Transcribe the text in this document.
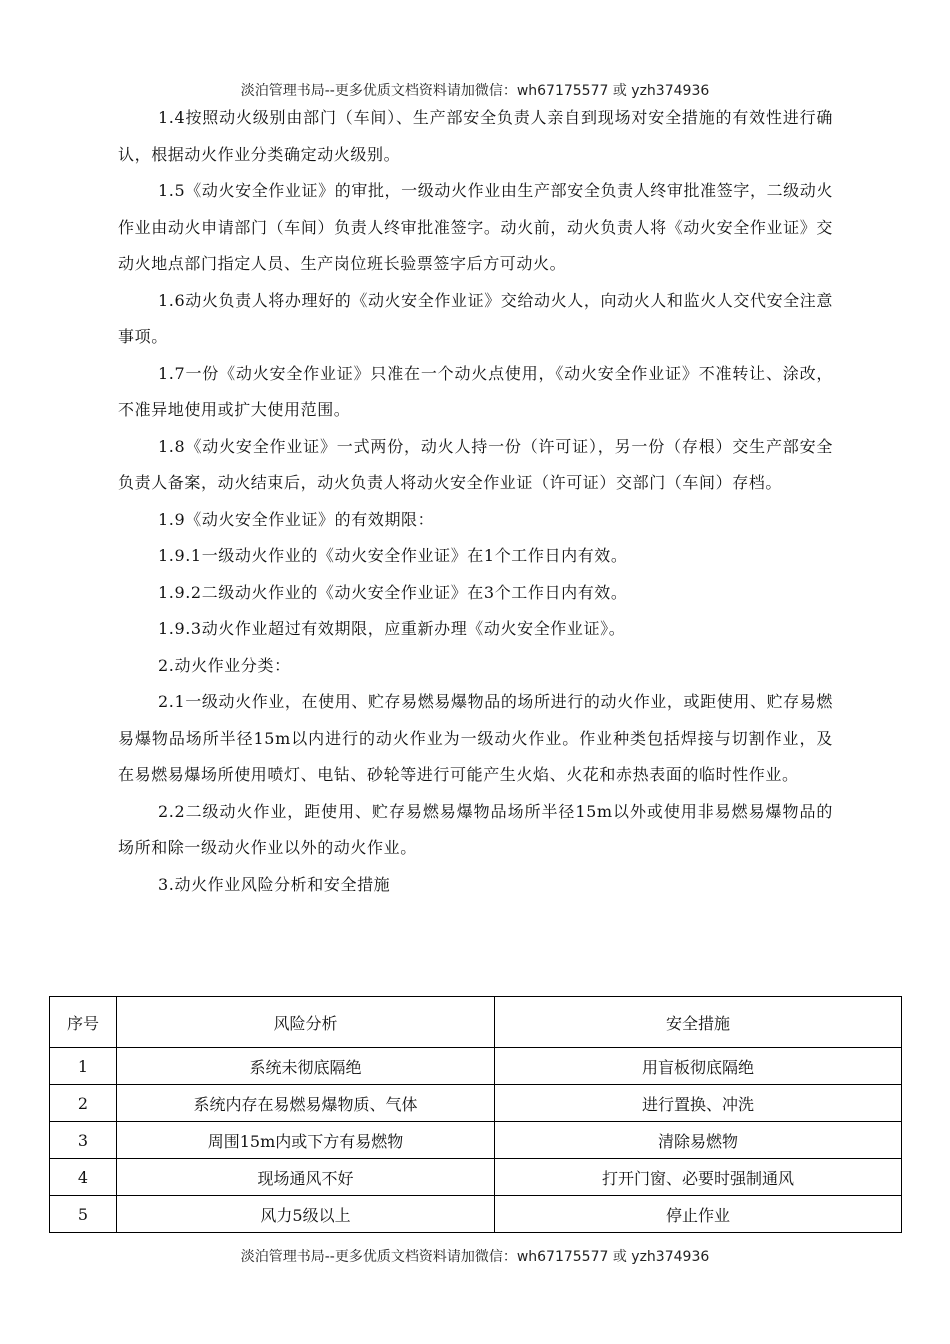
淡泊管理书局--更多优质文档资料请加微信：wh67175577 或 yzh374936

1.4按照动火级别由部门（车间）、生产部安全负责人亲自到现场对安全措施的有效性进行确认，根据动火作业分类确定动火级别。

1.5《动火安全作业证》的审批，一级动火作业由生产部安全负责人终审批准签字，二级动火作业由动火申请部门（车间）负责人终审批准签字。动火前，动火负责人将《动火安全作业证》交动火地点部门指定人员、生产岗位班长验票签字后方可动火。

1.6动火负责人将办理好的《动火安全作业证》交给动火人，向动火人和监火人交代安全注意事项。

1.7一份《动火安全作业证》只准在一个动火点使用，《动火安全作业证》不准转让、涂改，不准异地使用或扩大使用范围。

1.8《动火安全作业证》一式两份，动火人持一份（许可证），另一份（存根）交生产部安全负责人备案，动火结束后，动火负责人将动火安全作业证（许可证）交部门（车间）存档。

1.9《动火安全作业证》的有效期限：

1.9.1一级动火作业的《动火安全作业证》在1个工作日内有效。

1.9.2二级动火作业的《动火安全作业证》在3个工作日内有效。

1.9.3动火作业超过有效期限，应重新办理《动火安全作业证》。

2.动火作业分类：

2.1一级动火作业，在使用、贮存易燃易爆物品的场所进行的动火作业，或距使用、贮存易燃易爆物品场所半径15m以内进行的动火作业为一级动火作业。作业种类包括焊接与切割作业，及在易燃易爆场所使用喷灯、电钻、砂轮等进行可能产生火焰、火花和赤热表面的临时性作业。

2.2二级动火作业，距使用、贮存易燃易爆物品场所半径15m以外或使用非易燃易爆物品的场所和除一级动火作业以外的动火作业。

3.动火作业风险分析和安全措施

序号	风险分析	安全措施
1	系统未彻底隔绝	用盲板彻底隔绝
2	系统内存在易燃易爆物质、气体	进行置换、冲洗
3	周围15m内或下方有易燃物	清除易燃物
4	现场通风不好	打开门窗、必要时强制通风
5	风力5级以上	停止作业
淡泊管理书局--更多优质文档资料请加微信：wh67175577 或 yzh374936
